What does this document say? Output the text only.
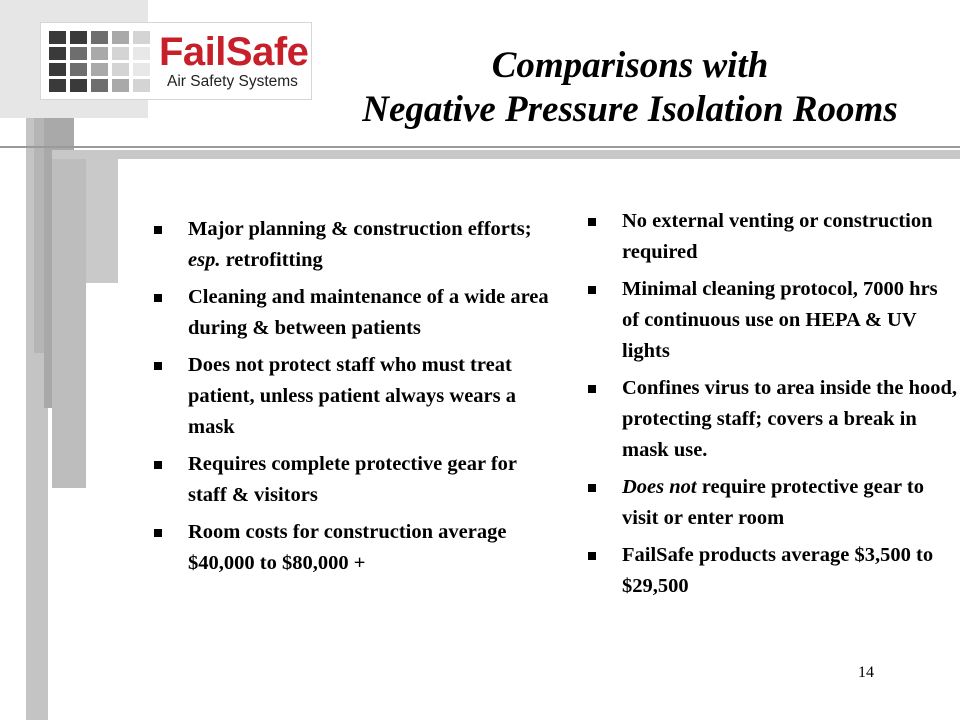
FailSafe
Air Safety Systems	Comparisons with
Negative Pressure Isolation Rooms
Major planning & construction efforts; esp. retrofitting
Cleaning and maintenance of a wide area during & between patients
Does not protect staff who must treat patient, unless patient always wears a mask
Requires complete protective gear for staff & visitors
Room costs for construction average $40,000 to $80,000 +
No external venting or construction required
Minimal cleaning protocol, 7000 hrs of continuous use on HEPA & UV lights
Confines virus to area inside the hood, protecting staff; covers a break in mask use.
Does not require protective gear to visit or enter room
FailSafe products average $3,500 to $29,500
14
